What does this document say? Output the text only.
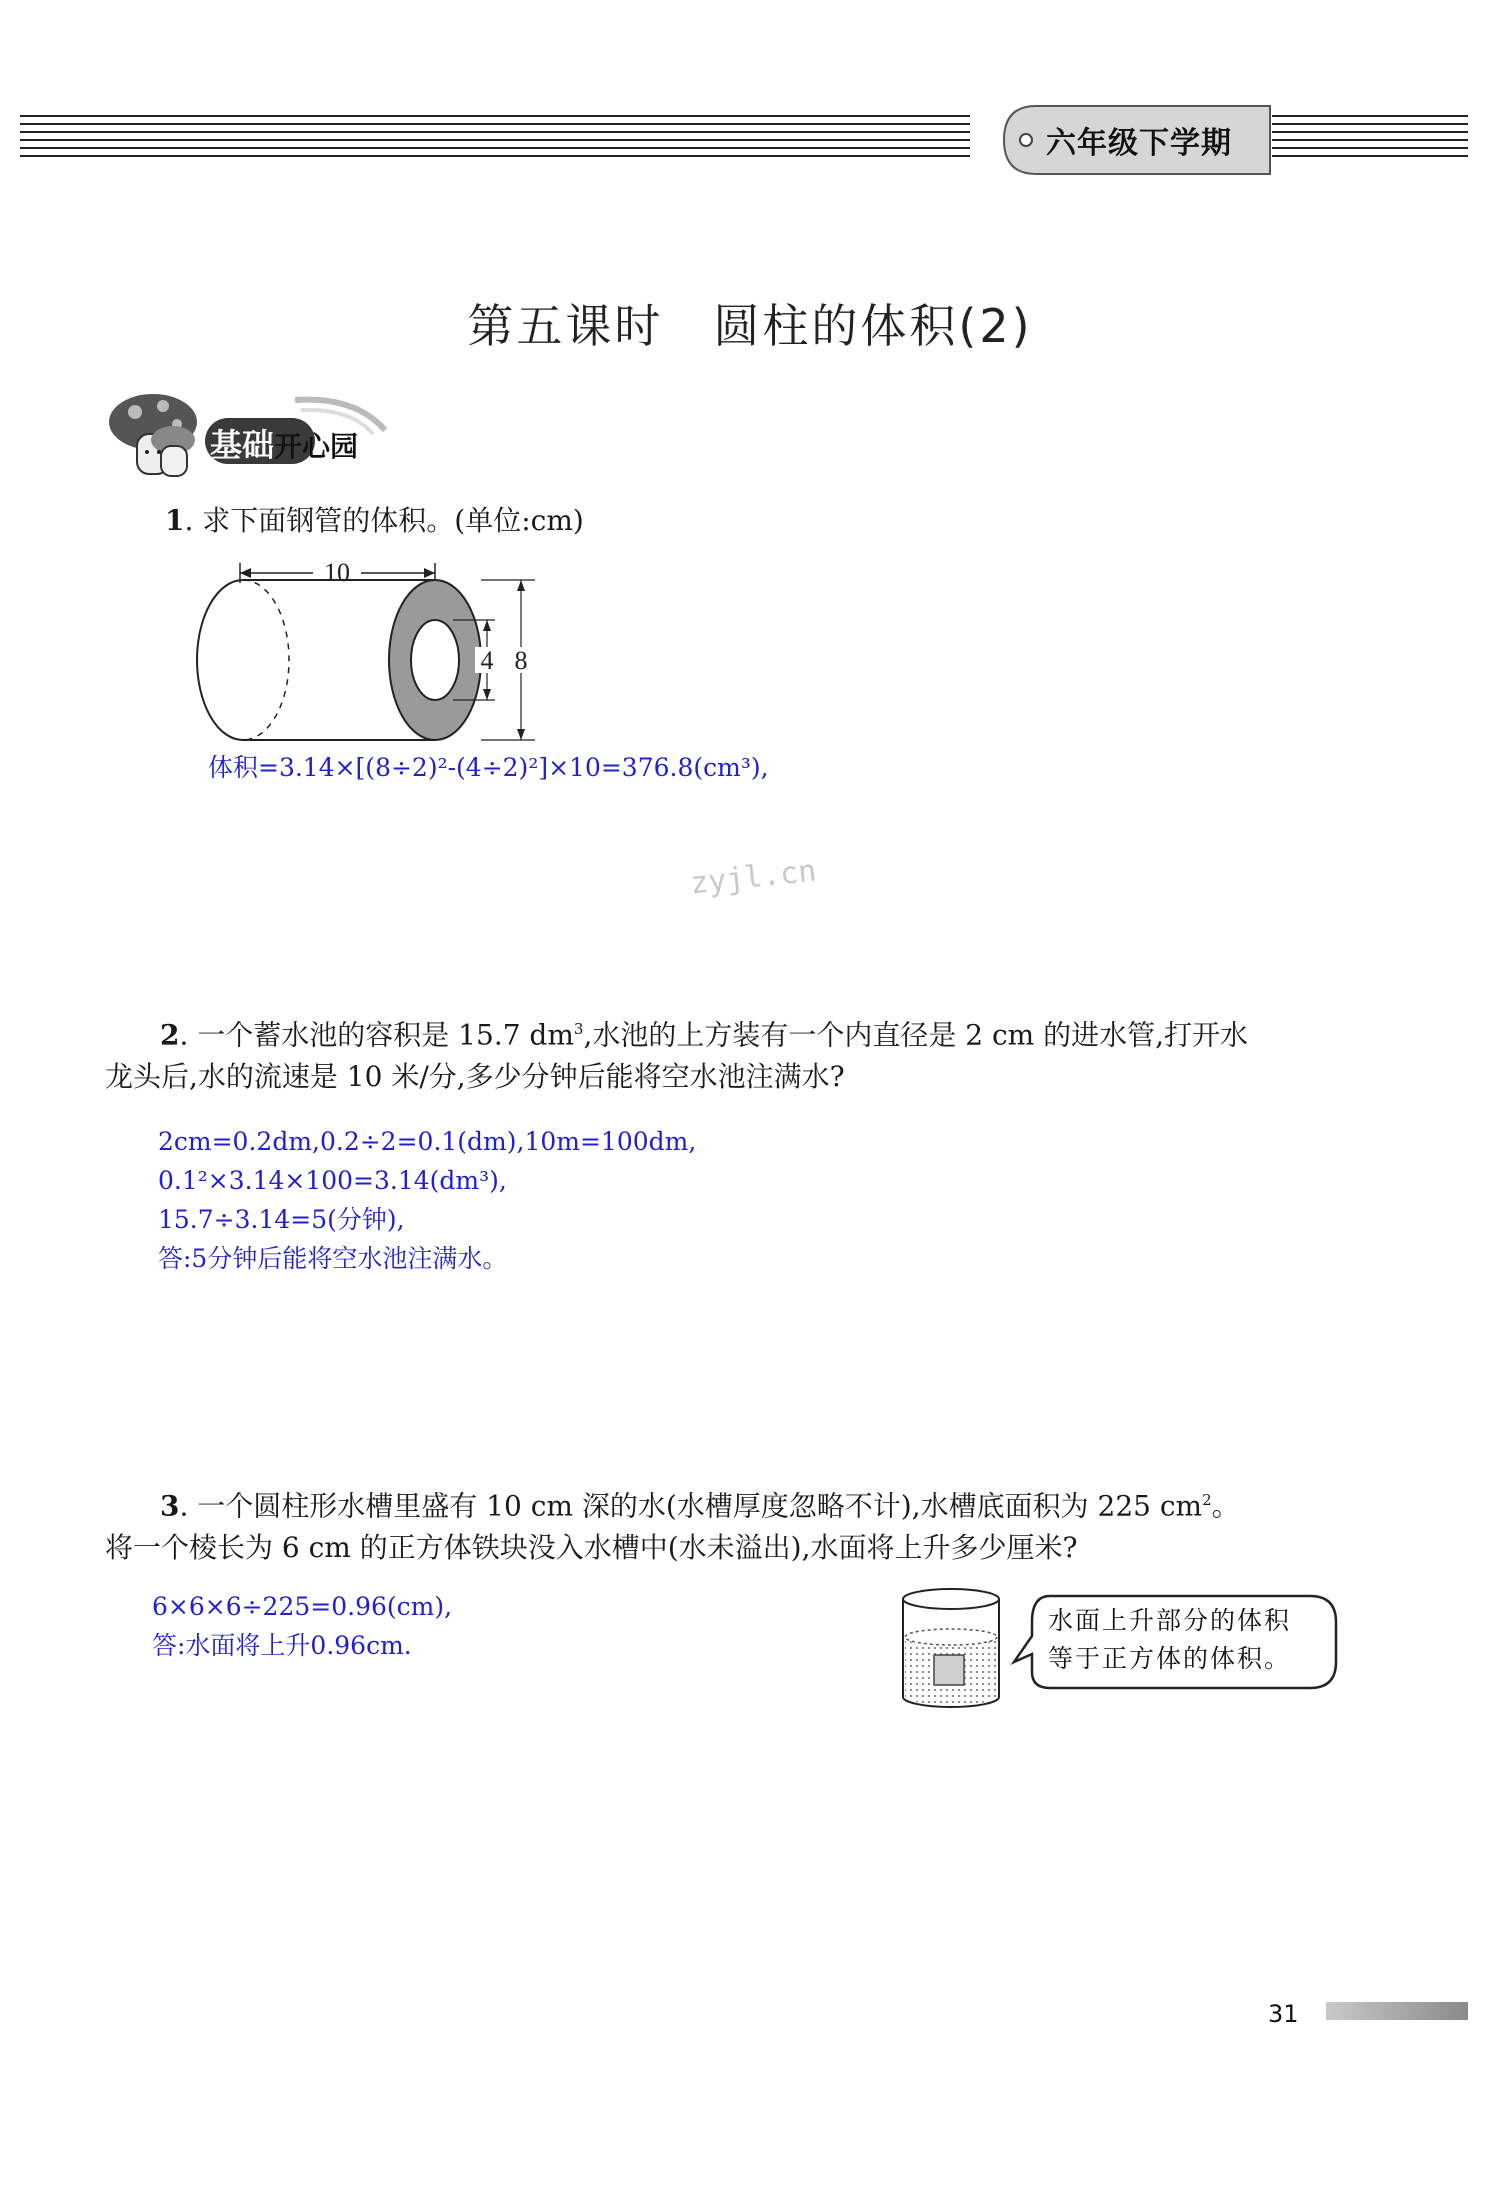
六年级下学期
第五课时 圆柱的体积(2)
基础开心园
1. 求下面钢管的体积。(单位:cm)
10
4 8
体积=3.14×[(8÷2)²-(4÷2)²]×10=376.8(cm³),
zyjl.cn
2. 一个蓄水池的容积是 15.7 $dm^3$,水池的上方装有一个内直径是 2 cm 的进水管,打开水
龙头后,水的流速是 10 米/分,多少分钟后能将空水池注满水?
2cm=0.2dm,0.2÷2=0.1(dm),10m=100dm,
0.1²×3.14×100=3.14(dm³),
15.7÷3.14=5(分钟),
答:5分钟后能将空水池注满水。
3. 一个圆柱形水槽里盛有 10 cm 深的水(水槽厚度忽略不计),水槽底面积为 225 $cm^2$。
将一个棱长为 6 cm 的正方体铁块没入水槽中(水未溢出),水面将上升多少厘米?
6×6×6÷225=0.96(cm),
答:水面将上升0.96cm.
水面上升部分的体积
等于正方体的体积。
31
